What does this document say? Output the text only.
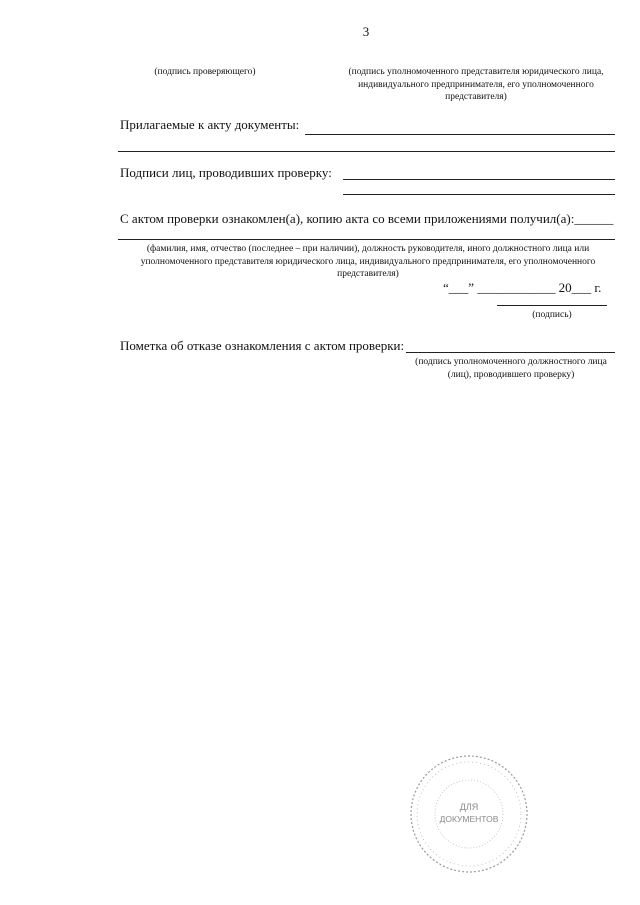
3
(подпись проверяющего)	(подпись уполномоченного представителя юридического лица, индивидуального предпринимателя, его уполномоченного представителя)
Прилагаемые к акту документы:
Подписи лиц, проводивших проверку:
С актом проверки ознакомлен(а), копию акта со всеми приложениями получил(а):______
(фамилия, имя, отчество (последнее – при наличии), должность руководителя, иного должностного лица или уполномоченного представителя юридического лица, индивидуального предпринимателя, его уполномоченного представителя)
“___” ____________ 20___ г.
(подпись)
Пометка об отказе ознакомления с актом проверки:
(подпись уполномоченного должностного лица (лиц), проводившего проверку)
ДЛЯ
ДОКУМЕНТОВ
